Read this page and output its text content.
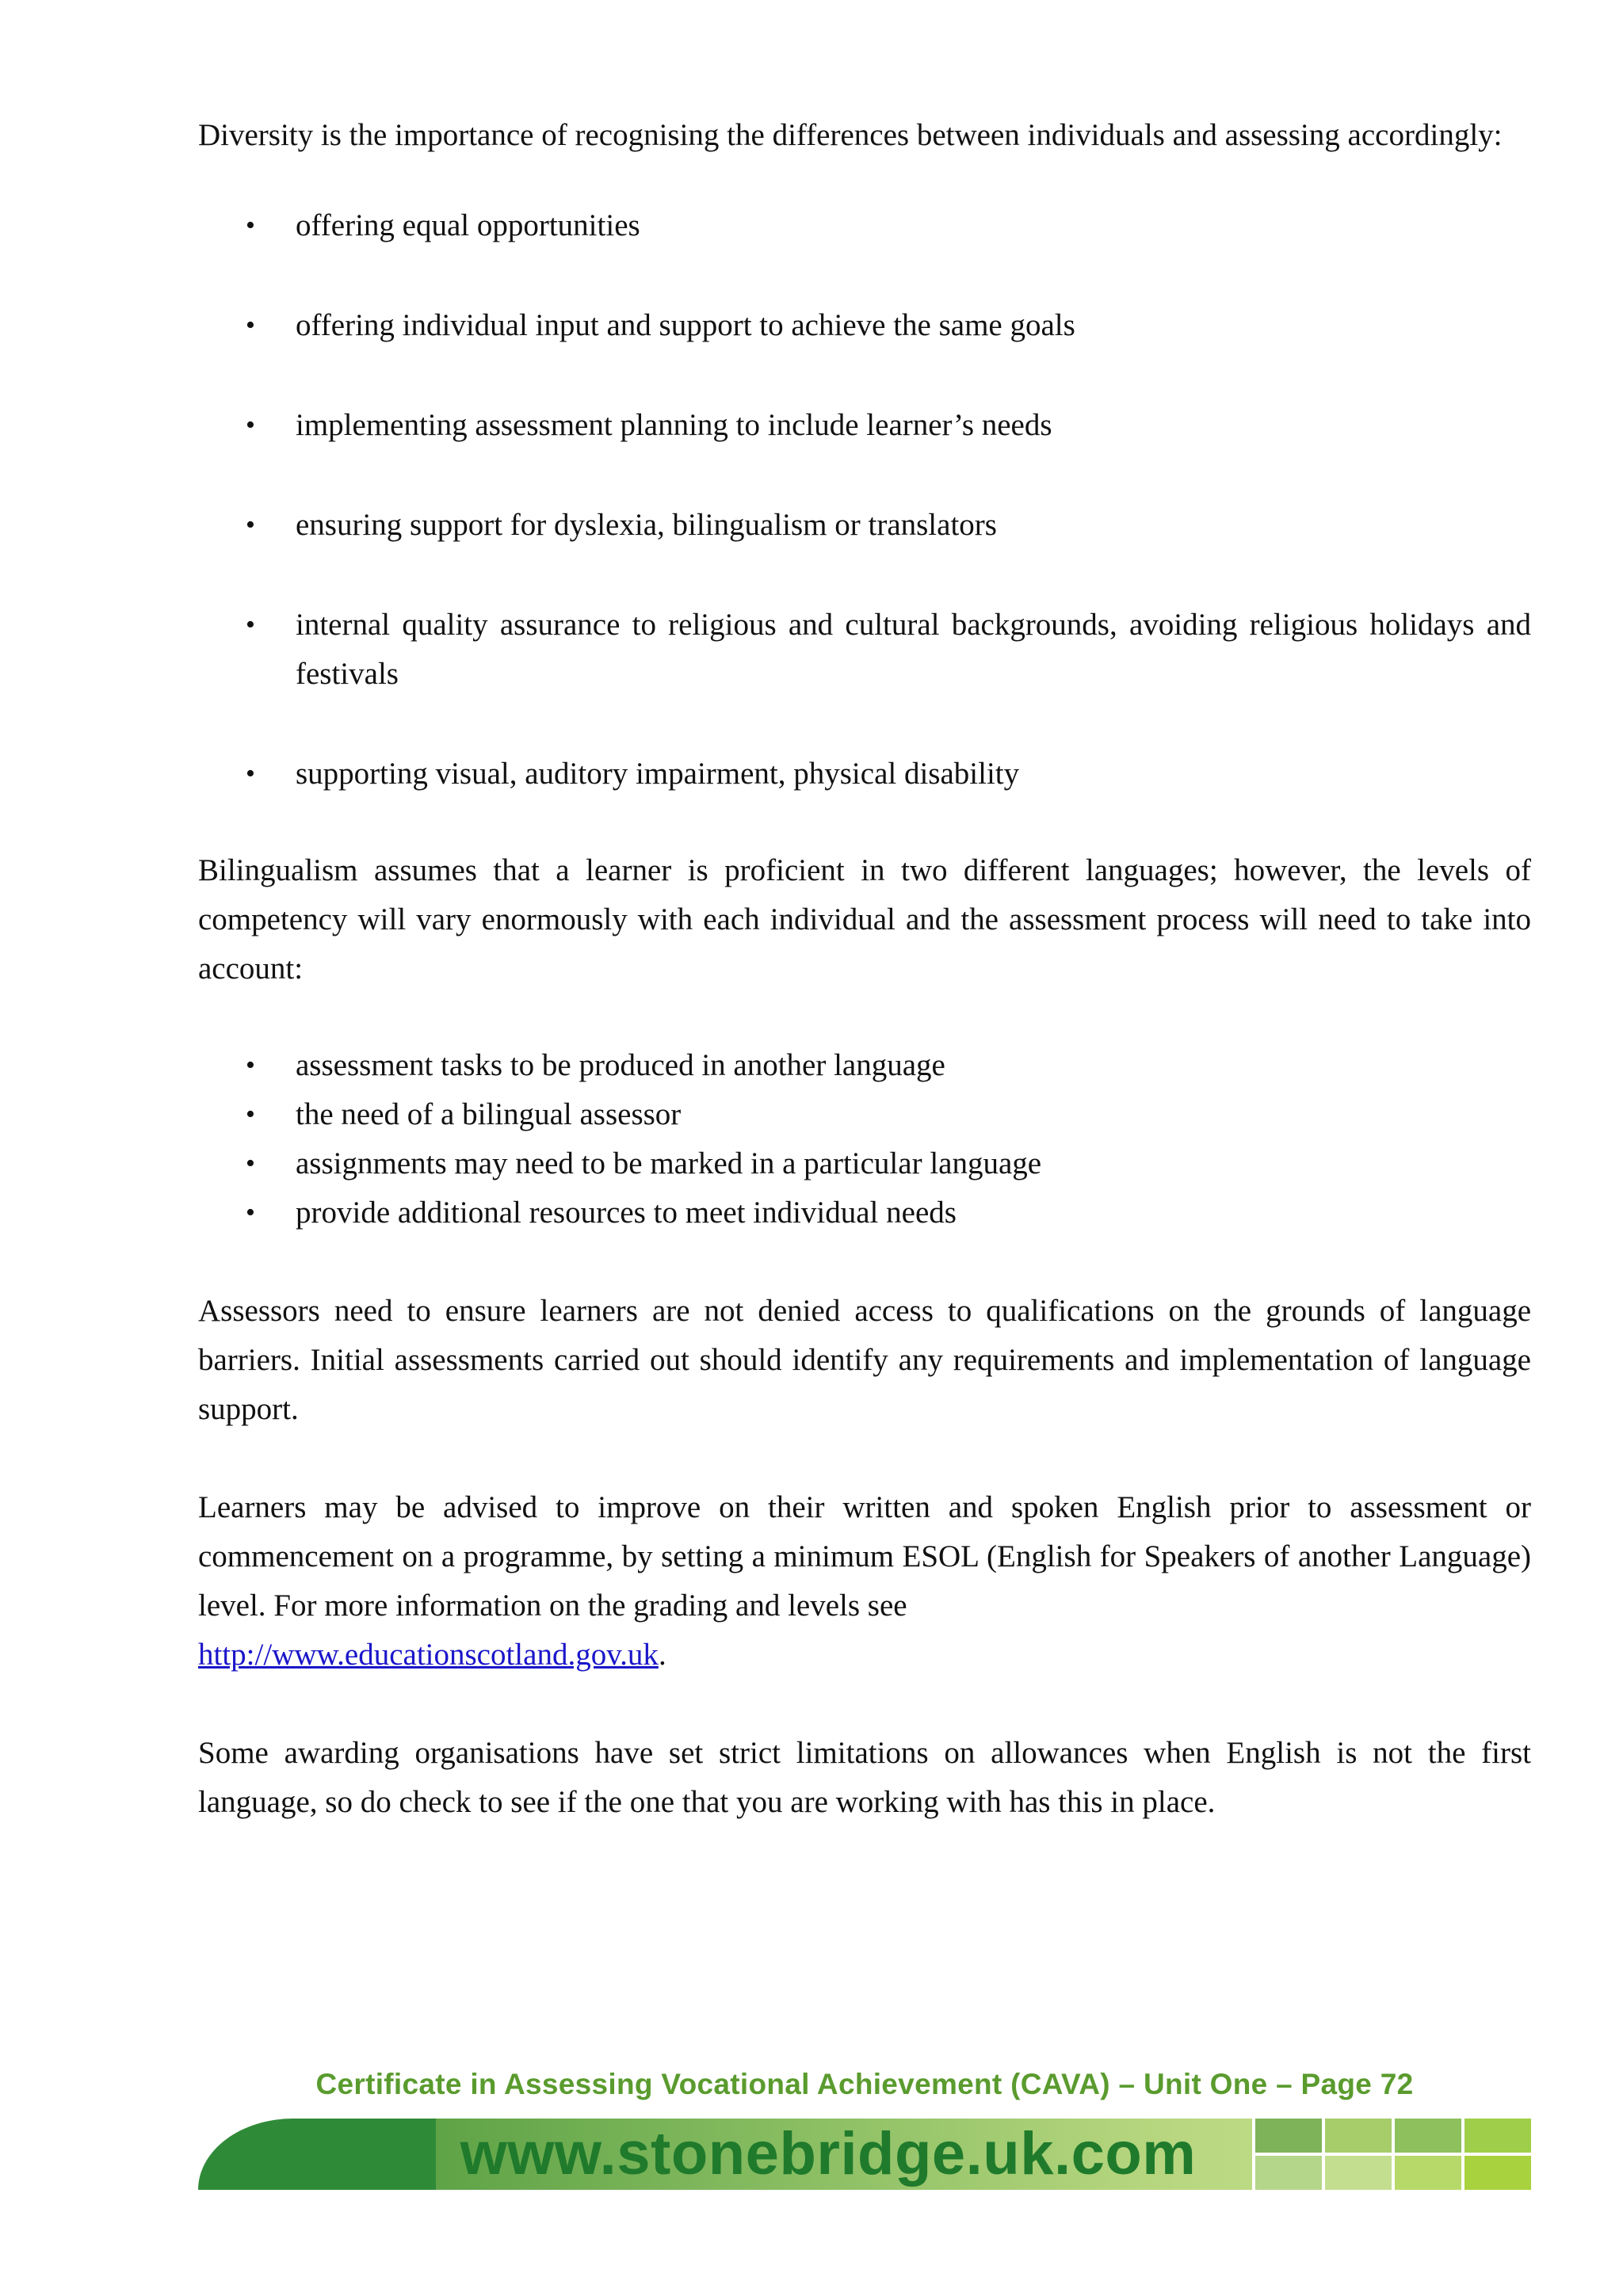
Diversity is the importance of recognising the differences between individuals and assessing accordingly:

• offering equal opportunities
• offering individual input and support to achieve the same goals
• implementing assessment planning to include learner’s needs
• ensuring support for dyslexia, bilingualism or translators
• internal quality assurance to religious and cultural backgrounds, avoiding religious holidays and festivals
• supporting visual, auditory impairment, physical disability

Bilingualism assumes that a learner is proficient in two different languages; however, the levels of competency will vary enormously with each individual and the assessment process will need to take into account:

• assessment tasks to be produced in another language
• the need of a bilingual assessor
• assignments may need to be marked in a particular language
• provide additional resources to meet individual needs

Assessors need to ensure learners are not denied access to qualifications on the grounds of language barriers. Initial assessments carried out should identify any requirements and implementation of language support.

Learners may be advised to improve on their written and spoken English prior to assessment or commencement on a programme, by setting a minimum ESOL (English for Speakers of another Language) level. For more information on the grading and levels see
http://www.educationscotland.gov.uk.

Some awarding organisations have set strict limitations on allowances when English is not the first language, so do check to see if the one that you are working with has this in place.

Certificate in Assessing Vocational Achievement (CAVA) – Unit One – Page 72
www.stonebridge.uk.com
